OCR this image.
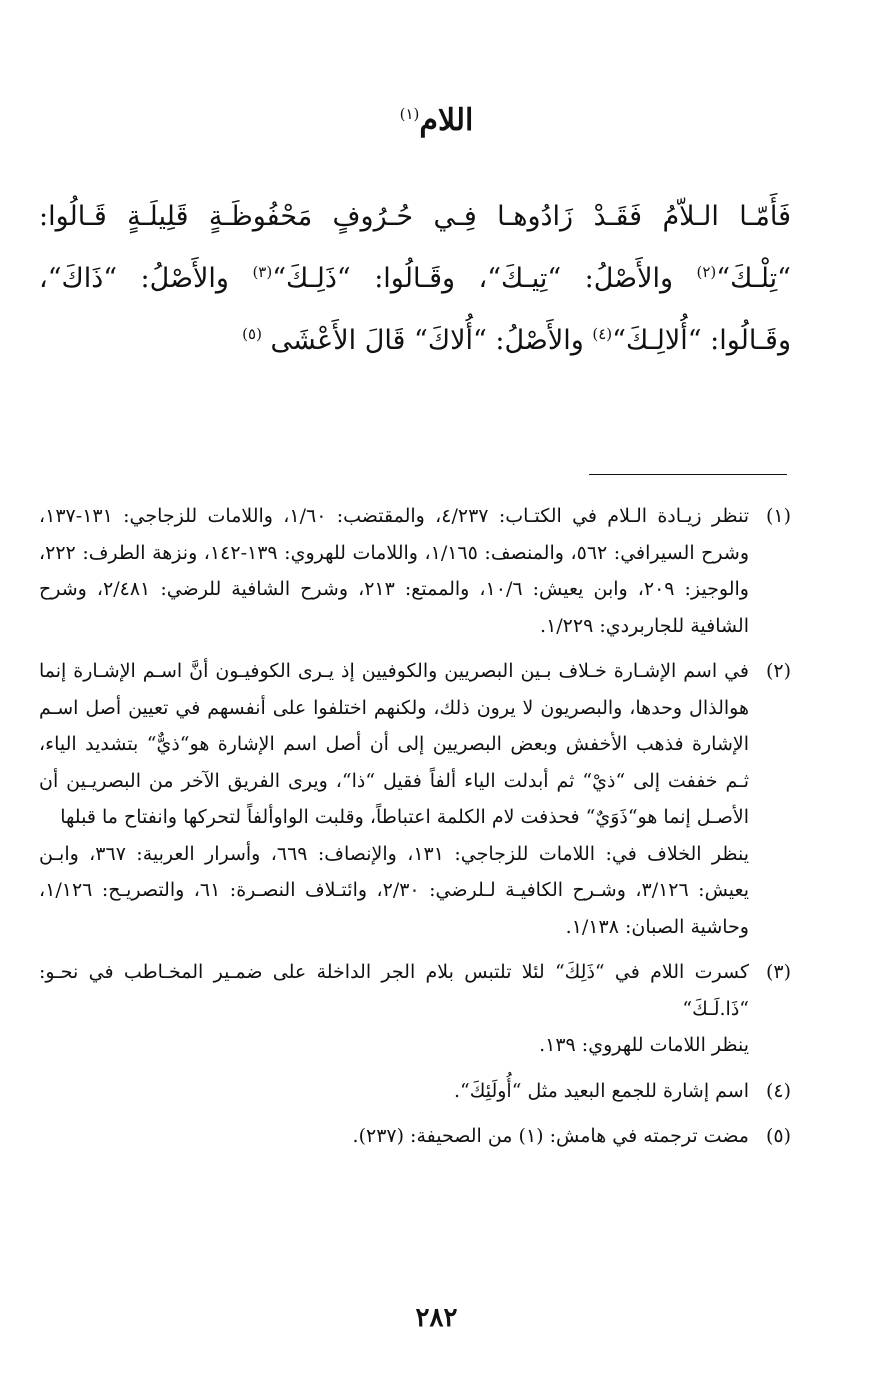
اللام$^{(١)}$

فَأَمّـا الـلاّمُ فَقَـدْ زَادُوهـا فِـي حُـرُوفٍ مَحْفُوظَـةٍ قَلِيلَـةٍ قَـالُوا: “تِلْـكَ“$^{(٢)}$ والأَصْلُ: “تِيـكَ“، وقَـالُوا: “ذَلِـكَ“$^{(٣)}$ والأَصْلُ: “ذَاكَ“، وقَـالُوا: “أُلالِـكَ“$^{(٤)}$ والأَصْلُ: “أُلاكَ“ قَالَ الأَعْشَى $^{(٥)}$

(١)
تنظر زيـادة الـلام في الكتـاب: ٤/٢٣٧، والمقتضب: ١/٦٠، واللامات للزجاجي: ١٣١-١٣٧، وشرح السيرافي: ٥٦٢، والمنصف: ١/١٦٥، واللامات للهروي: ١٣٩-١٤٢، ونزهة الطرف: ٢٢٢، والوجيز: ٢٠٩، وابن يعيش: ١٠/٦، والممتع: ٢١٣، وشرح الشافية للرضي: ٢/٤٨١، وشرح الشافية للجاربردي: ١/٢٢٩.
(٢)
في اسم الإشـارة خـلاف بـين البصريين والكوفيين إذ يـرى الكوفيـون أنَّ اسـم الإشـارة إنما هوالذال وحدها، والبصريون لا يرون ذلك، ولكنهم اختلفوا على أنفسهم في تعيين أصل اسـم الإشارة فذهب الأخفش وبعض البصريين إلى أن أصل اسم الإشارة هو“ذيٌّ“ بتشديد الياء، ثـم خففت إلى “ذيْ“ ثم أبدلت الياء ألفاً فقيل “ذا“، ويرى الفريق الآخر من البصريـين أن الأصـل إنما هو“ذَوَيٌ“ فحذفت لام الكلمة اعتباطاً، وقلبت الواوألفاً لتحركها وانفتاح ما قبلها
ينظر الخلاف في: اللامات للزجاجي: ١٣١، والإنصاف: ٦٦٩، وأسرار العربية: ٣٦٧، وابـن يعيش: ٣/١٢٦، وشـرح الكافيـة لـلرضي: ٢/٣٠، وائتـلاف النصـرة: ٦١، والتصريـح: ١/١٢٦، وحاشية الصبان: ١/١٣٨.
(٣)
كسرت اللام في “ذَلِكَ“ لئلا تلتبس بلام الجر الداخلة على ضمـير المخـاطب في نحـو: “ذَا.لَـكَ“
ينظر اللامات للهروي: ١٣٩.
(٤)
اسم إشارة للجمع البعيد مثل “أُولَئِكَ“.
(٥)
مضت ترجمته في هامش: (١) من الصحيفة: (٢٣٧).
٢٨٢
